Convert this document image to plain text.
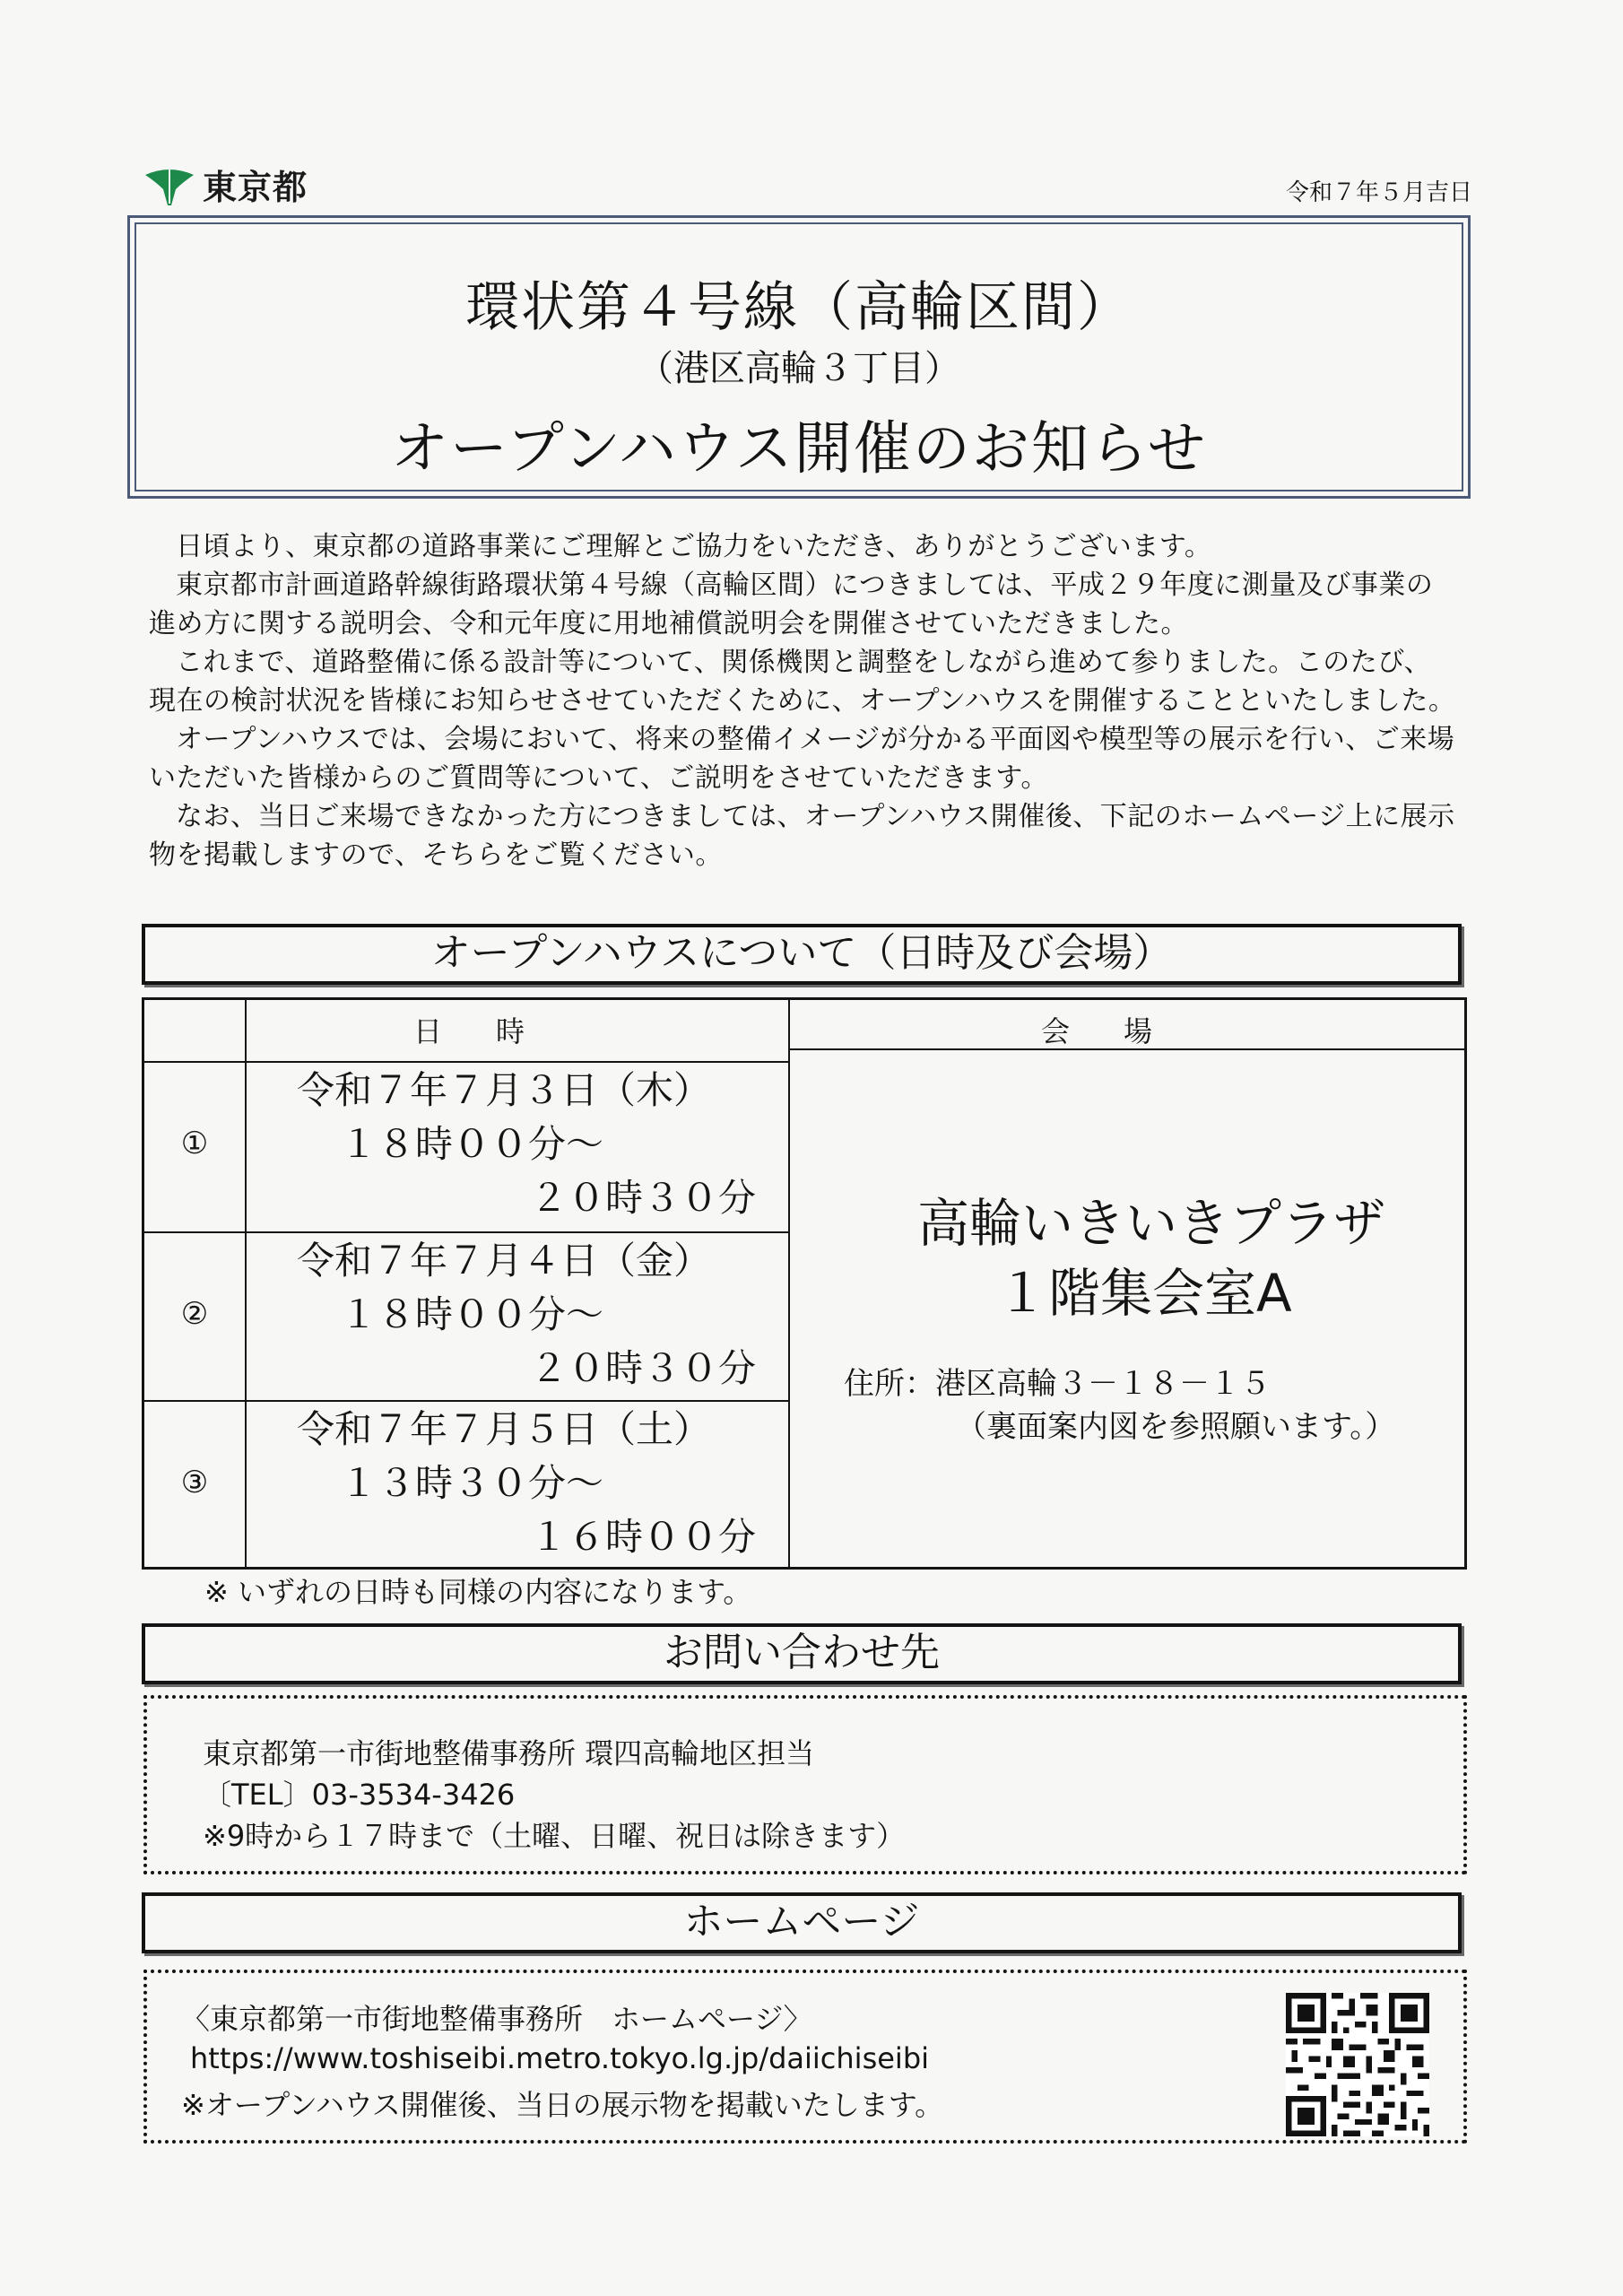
東京都	令和７年５月吉日
環状第４号線（高輪区間）
（港区高輪３丁目）
オープンハウス開催のお知らせ

日頃より、東京都の道路事業にご理解とご協力をいただき、ありがとうございます。

東京都市計画道路幹線街路環状第４号線（高輪区間）につきましては、平成２９年度に測量及び事業の進め方に関する説明会、令和元年度に用地補償説明会を開催させていただきました。

これまで、道路整備に係る設計等について、関係機関と調整をしながら進めて参りました。このたび、現在の検討状況を皆様にお知らせさせていただくために、オープンハウスを開催することといたしました。

オープンハウスでは、会場において、将来の整備イメージが分かる平面図や模型等の展示を行い、ご来場いただいた皆様からのご質問等について、ご説明をさせていただきます。

なお、当日ご来場できなかった方につきましては、オープンハウス開催後、下記のホームページ上に展示物を掲載しますので、そちらをご覧ください。

オープンハウスについて（日時及び会場）
日時	会場
①
令和７年７月３日（木）
１８時００分～
２０時３０分
②
令和７年７月４日（金）
１８時００分～
２０時３０分
③
令和７年７月５日（土）
１３時３０分～
１６時００分
高輪いきいきプラザ
１階集会室A
住所：港区高輪３－１８－１５
（裏面案内図を参照願います。）
※ いずれの日時も同様の内容になります。
お問い合わせ先
東京都第一市街地整備事務所 環四高輪地区担当
〔TEL〕03-3534-3426
※9時から１７時まで（土曜、日曜、祝日は除きます）
ホームページ
〈東京都第一市街地整備事務所　ホームページ〉
https://www.toshiseibi.metro.tokyo.lg.jp/daiichiseibi
※オープンハウス開催後、当日の展示物を掲載いたします。
